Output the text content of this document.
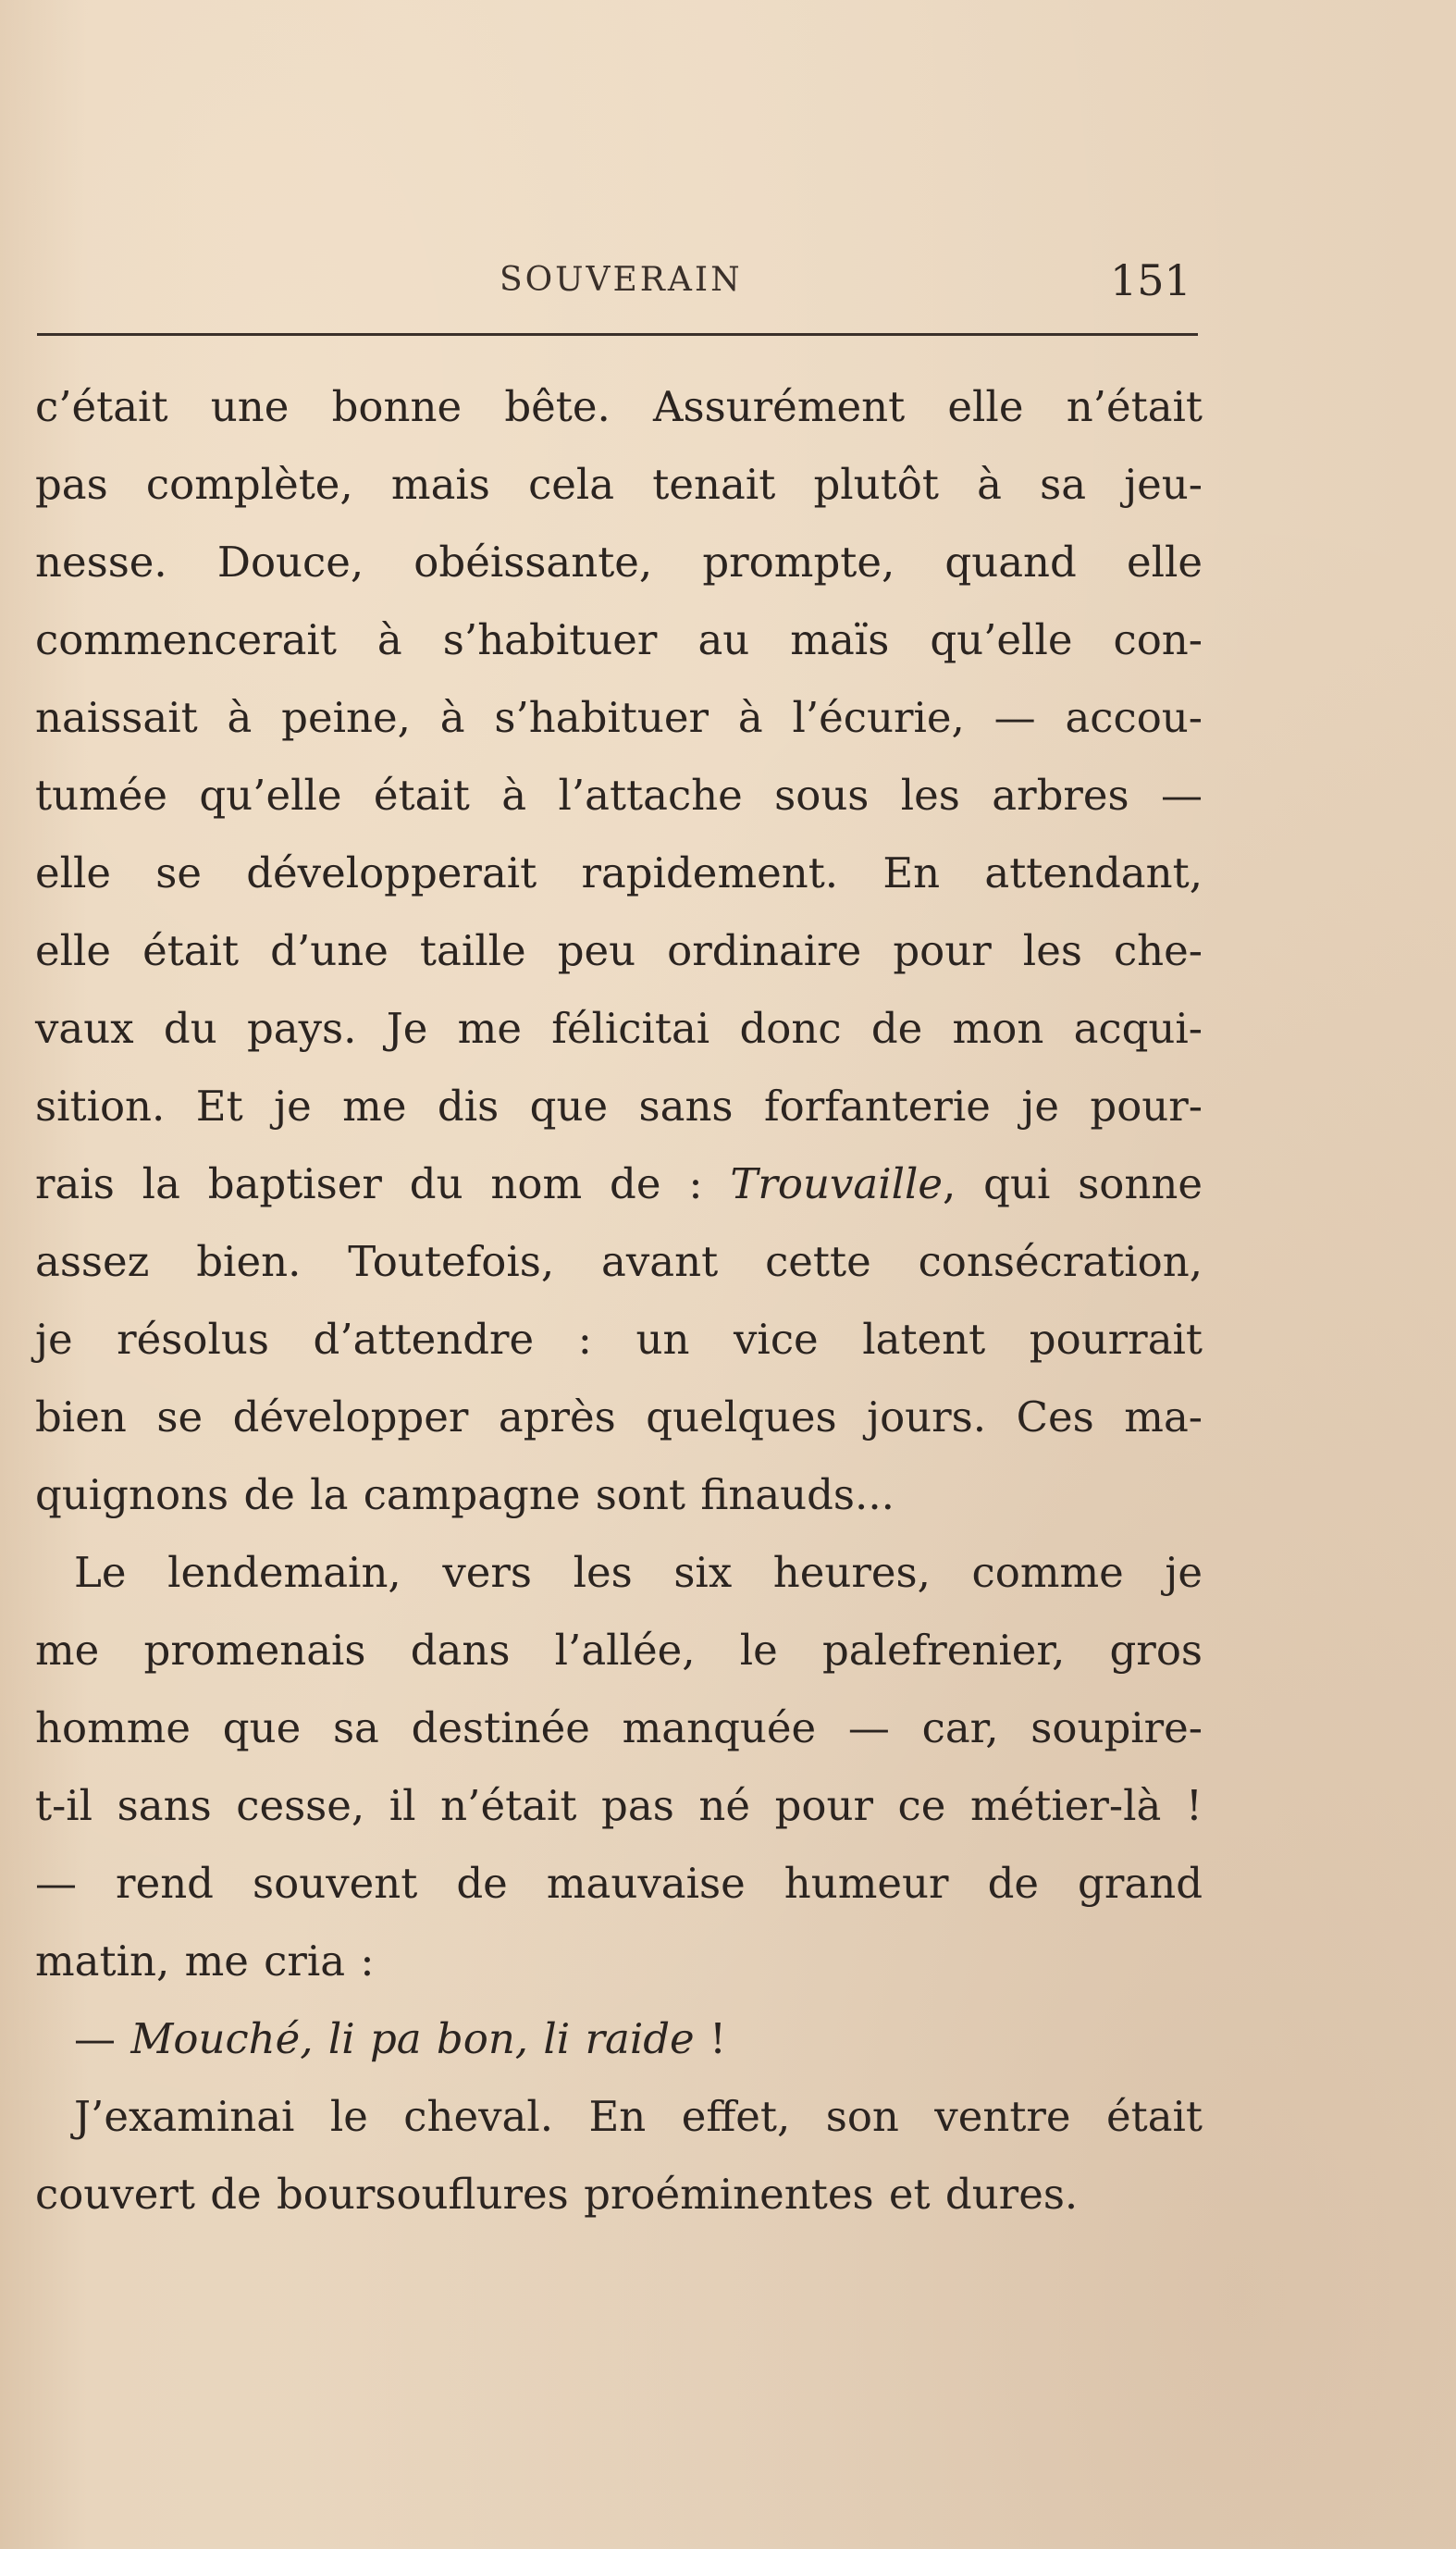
SOUVERAIN	151
c’était une bonne bête. Assurément elle n’était
pas complète, mais cela tenait plutôt à sa jeu-
nesse. Douce, obéissante, prompte, quand elle
commencerait à s’habituer au maïs qu’elle con-
naissait à peine, à s’habituer à l’écurie, — accou-
tumée qu’elle était à l’attache sous les arbres —
elle se développerait rapidement. En attendant,
elle était d’une taille peu ordinaire pour les che-
vaux du pays. Je me félicitai donc de mon acqui-
sition. Et je me dis que sans forfanterie je pour-
rais la baptiser du nom de : Trouvaille, qui sonne
assez bien. Toutefois, avant cette consécration,
je résolus d’attendre : un vice latent pourrait
bien se développer après quelques jours. Ces ma-
quignons de la campagne sont finauds...
Le lendemain, vers les six heures, comme je
me promenais dans l’allée, le palefrenier, gros
homme que sa destinée manquée — car, soupire-
t-il sans cesse, il n’était pas né pour ce métier-là !
— rend souvent de mauvaise humeur de grand
matin, me cria :
— Mouché, li pa bon, li raide !
J’examinai le cheval. En effet, son ventre était
couvert de boursouflures proéminentes et dures.
